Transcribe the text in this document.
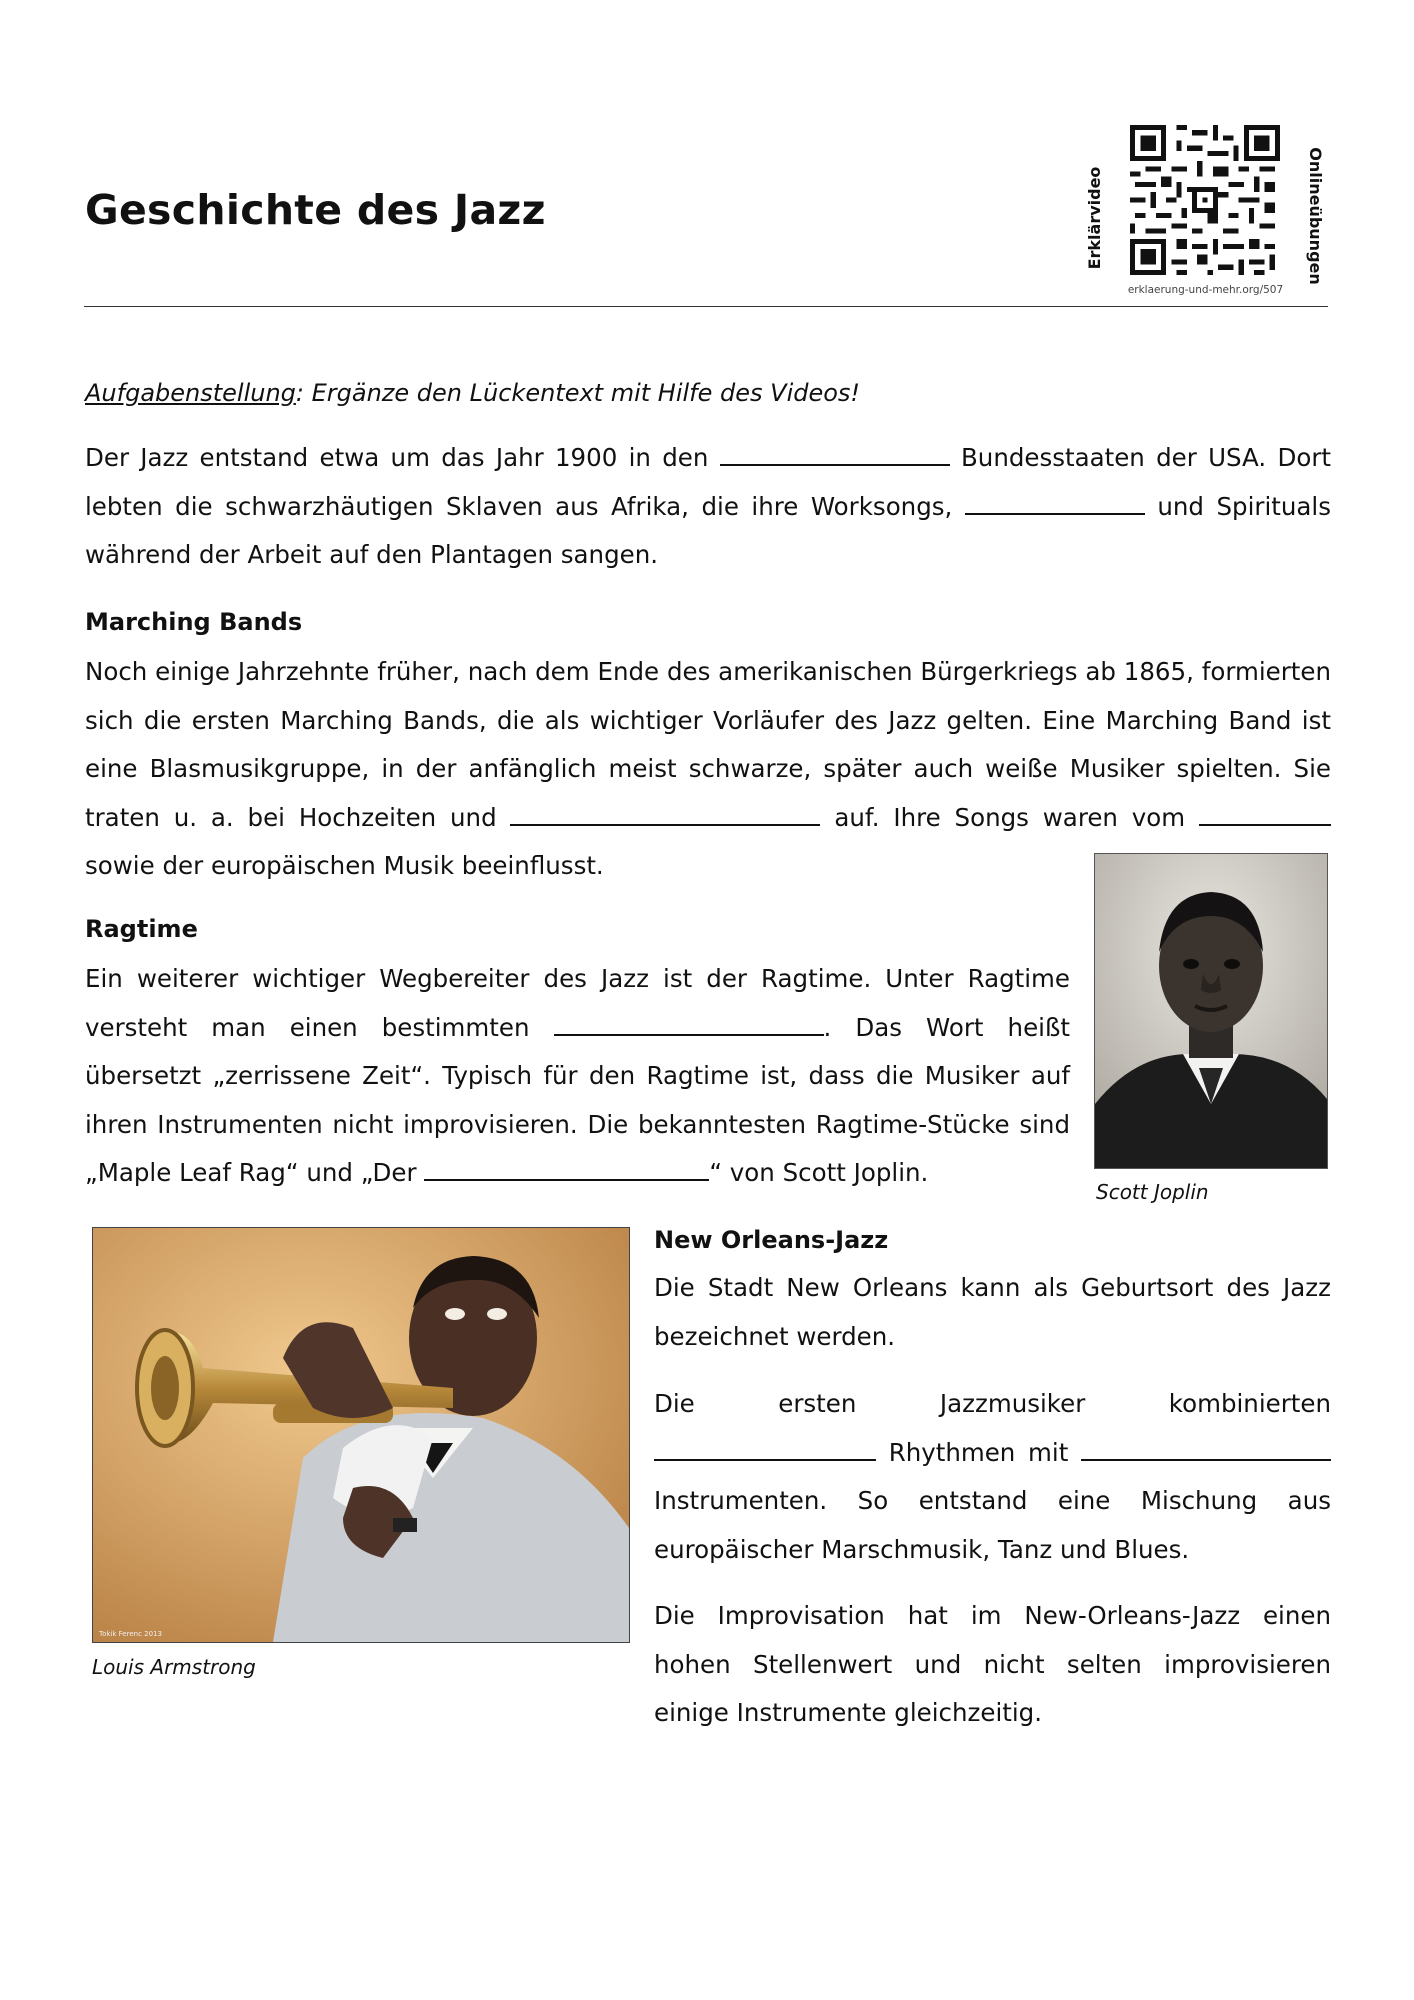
Geschichte des Jazz	Erklärvideo	Onlineübungen
erklaerung-und-mehr.org/507
Aufgabenstellung: Ergänze den Lückentext mit Hilfe des Videos!

Der Jazz entstand etwa um das Jahr 1900 in den	Bundesstaaten der USA. Dort lebten die schwarzhäutigen Sklaven aus Afrika, die ihre Worksongs,	und Spirituals während der Arbeit auf den Plantagen sangen.

Marching Bands

Noch einige Jahrzehnte früher, nach dem Ende des amerikanischen Bürgerkriegs ab 1865, formierten sich die ersten Marching Bands, die als wichtiger Vorläufer des Jazz gelten. Eine Marching Band ist eine Blasmusikgruppe, in der anfänglich meist schwarze, später auch weiße Musiker spielten. Sie traten u. a. bei Hochzeiten und	auf. Ihre Songs waren vom  sowie der europäischen Musik beeinflusst.

Ragtime

Ein weiterer wichtiger Wegbereiter des Jazz ist der Ragtime. Unter Ragtime versteht man einen bestimmten	. Das Wort heißt übersetzt „zerrissene Zeit“. Typisch für den Ragtime ist, dass die Musiker auf ihren Instrumenten nicht improvisieren. Die bekanntesten Ragtime-Stücke sind „Maple Leaf Rag“ und „Der	“ von Scott Joplin.

Scott Joplin
Tokik Ferenc 2013
Louis Armstrong
New Orleans-Jazz

Die Stadt New Orleans kann als Geburtsort des Jazz bezeichnet werden.

Die ersten Jazzmusiker kombinierten  Rhythmen mit  Instrumenten. So entstand eine Mischung aus europäischer Marschmusik, Tanz und Blues.

Die Improvisation hat im New-Orleans-Jazz einen hohen Stellenwert und nicht selten improvisieren einige Instrumente gleichzeitig.
